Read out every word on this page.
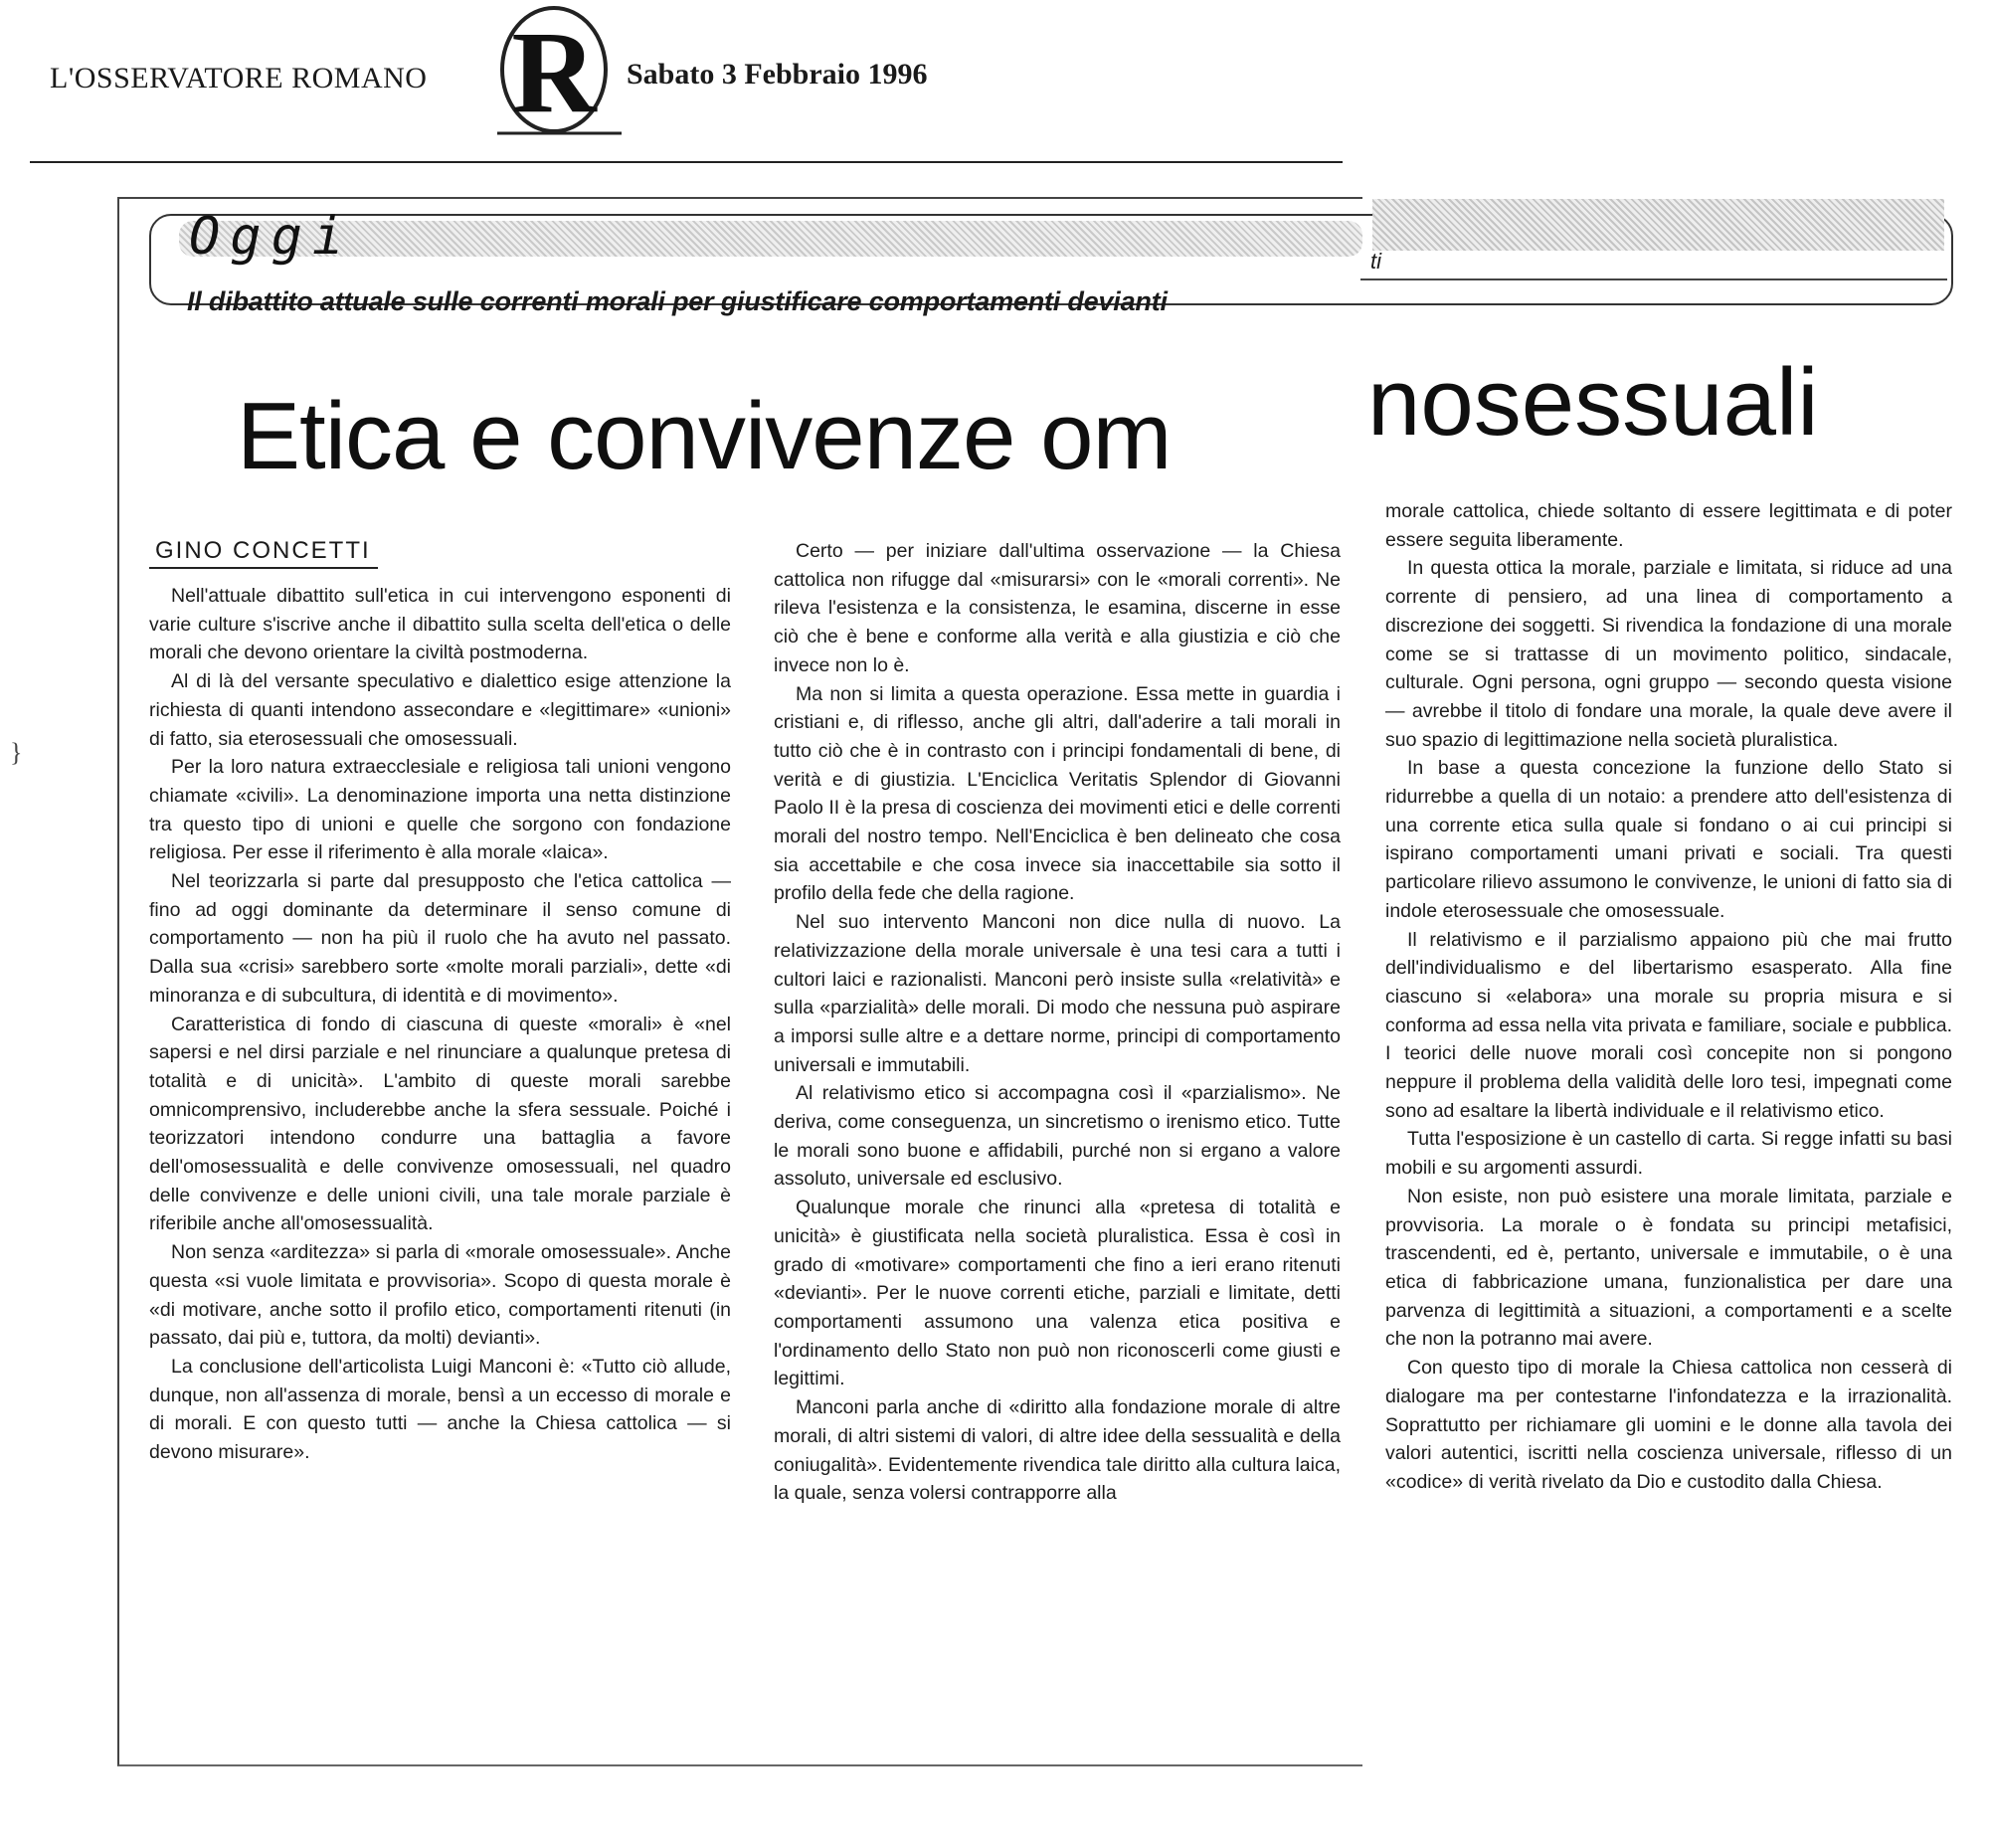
L'OSSERVATORE ROMANO R Sabato 3 Febbraio 1996
Oggi	ti
Il dibattito attuale sulle correnti morali per giustificare comportamenti devianti
Etica e convivenze om nosessuali
GINO CONCETTI
}

Nell'attuale dibattito sull'etica in cui intervengono esponenti di varie culture s'iscrive anche il dibattito sulla scelta dell'etica o delle morali che devono orientare la civiltà postmoderna.

Al di là del versante speculativo e dialettico esige attenzione la richiesta di quanti intendono assecondare e «legittimare» «unioni» di fatto, sia eterosessuali che omosessuali.

Per la loro natura extraecclesiale e religiosa tali unioni vengono chiamate «civili». La denominazione importa una netta distinzione tra questo tipo di unioni e quelle che sorgono con fondazione religiosa. Per esse il riferimento è alla morale «laica».

Nel teorizzarla si parte dal presupposto che l'etica cattolica — fino ad oggi dominante da determinare il senso comune di comportamento — non ha più il ruolo che ha avuto nel passato. Dalla sua «crisi» sarebbero sorte «molte morali parziali», dette «di minoranza e di subcultura, di identità e di movimento».

Caratteristica di fondo di ciascuna di queste «morali» è «nel sapersi e nel dirsi parziale e nel rinunciare a qualunque pretesa di totalità e di unicità». L'ambito di queste morali sarebbe omnicomprensivo, includerebbe anche la sfera sessuale. Poiché i teorizzatori intendono condurre una battaglia a favore dell'omosessualità e delle convivenze omosessuali, nel quadro delle convivenze e delle unioni civili, una tale morale parziale è riferibile anche all'omosessualità.

Non senza «arditezza» si parla di «morale omosessuale». Anche questa «si vuole limitata e provvisoria». Scopo di questa morale è «di motivare, anche sotto il profilo etico, comportamenti ritenuti (in passato, dai più e, tuttora, da molti) devianti».

La conclusione dell'articolista Luigi Manconi è: «Tutto ciò allude, dunque, non all'assenza di morale, bensì a un eccesso di morale e di morali. E con questo tutti — anche la Chiesa cattolica — si devono misurare».

Certo — per iniziare dall'ultima osservazione — la Chiesa cattolica non rifugge dal «misurarsi» con le «morali correnti». Ne rileva l'esistenza e la consistenza, le esamina, discerne in esse ciò che è bene e conforme alla verità e alla giustizia e ciò che invece non lo è.

Ma non si limita a questa operazione. Essa mette in guardia i cristiani e, di riflesso, anche gli altri, dall'aderire a tali morali in tutto ciò che è in contrasto con i principi fondamentali di bene, di verità e di giustizia. L'Enciclica Veritatis Splendor di Giovanni Paolo II è la presa di coscienza dei movimenti etici e delle correnti morali del nostro tempo. Nell'Enciclica è ben delineato che cosa sia accettabile e che cosa invece sia inaccettabile sia sotto il profilo della fede che della ragione.

Nel suo intervento Manconi non dice nulla di nuovo. La relativizzazione della morale universale è una tesi cara a tutti i cultori laici e razionalisti. Manconi però insiste sulla «relatività» e sulla «parzialità» delle morali. Di modo che nessuna può aspirare a imporsi sulle altre e a dettare norme, principi di comportamento universali e immutabili.

Al relativismo etico si accompagna così il «parzialismo». Ne deriva, come conseguenza, un sincretismo o irenismo etico. Tutte le morali sono buone e affidabili, purché non si ergano a valore assoluto, universale ed esclusivo.

Qualunque morale che rinunci alla «pretesa di totalità e unicità» è giustificata nella società pluralistica. Essa è così in grado di «motivare» comportamenti che fino a ieri erano ritenuti «devianti». Per le nuove correnti etiche, parziali e limitate, detti comportamenti assumono una valenza etica positiva e l'ordinamento dello Stato non può non riconoscerli come giusti e legittimi.

Manconi parla anche di «diritto alla fondazione morale di altre morali, di altri sistemi di valori, di altre idee della sessualità e della coniugalità». Evidentemente rivendica tale diritto alla cultura laica, la quale, senza volersi contrapporre alla

morale cattolica, chiede soltanto di essere legittimata e di poter essere seguita liberamente.

In questa ottica la morale, parziale e limitata, si riduce ad una corrente di pensiero, ad una linea di comportamento a discrezione dei soggetti. Si rivendica la fondazione di una morale come se si trattasse di un movimento politico, sindacale, culturale. Ogni persona, ogni gruppo — secondo questa visione — avrebbe il titolo di fondare una morale, la quale deve avere il suo spazio di legittimazione nella società pluralistica.

In base a questa concezione la funzione dello Stato si ridurrebbe a quella di un notaio: a prendere atto dell'esistenza di una corrente etica sulla quale si fondano o ai cui principi si ispirano comportamenti umani privati e sociali. Tra questi particolare rilievo assumono le convivenze, le unioni di fatto sia di indole eterosessuale che omosessuale.

Il relativismo e il parzialismo appaiono più che mai frutto dell'individualismo e del libertarismo esasperato. Alla fine ciascuno si «elabora» una morale su propria misura e si conforma ad essa nella vita privata e familiare, sociale e pubblica. I teorici delle nuove morali così concepite non si pongono neppure il problema della validità delle loro tesi, impegnati come sono ad esaltare la libertà individuale e il relativismo etico.

Tutta l'esposizione è un castello di carta. Si regge infatti su basi mobili e su argomenti assurdi.

Non esiste, non può esistere una morale limitata, parziale e provvisoria. La morale o è fondata su principi metafisici, trascendenti, ed è, pertanto, universale e immutabile, o è una etica di fabbricazione umana, funzionalistica per dare una parvenza di legittimità a situazioni, a comportamenti e a scelte che non la potranno mai avere.

Con questo tipo di morale la Chiesa cattolica non cesserà di dialogare ma per contestarne l'infondatezza e la irrazionalità. Soprattutto per richiamare gli uomini e le donne alla tavola dei valori autentici, iscritti nella coscienza universale, riflesso di un «codice» di verità rivelato da Dio e custodito dalla Chiesa.
